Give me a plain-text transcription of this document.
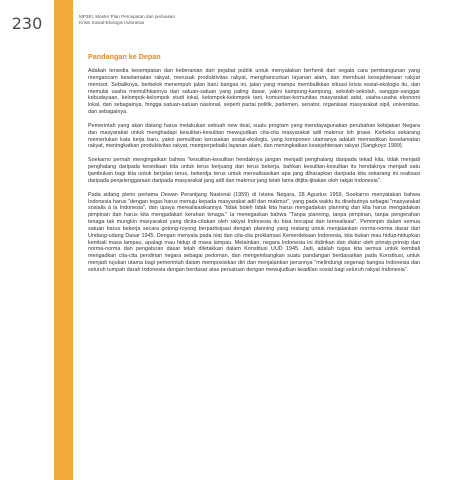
230	MP3EI, Master Plan Percepatan dan perluasan
Krisis Sosial-Ekologis Indonesia
Pandangan ke Depan

Adakah tersedia kesempatan dan keberanian dari pejabat publik untuk menyatakan berhenti dari segala cara pembangunan yang mengancam keselamatan rakyat, merusak produktivitas rakyat, menghancurkan layanan alam, dan membuat kesejahteraan rakyat merosot. Sebaliknya, berbelok menempuh jalan baru bangsa ini, jalan yang mampu membalikkan situasi krisis sosial-ekologis itu, dan memulai usaha memulihkannya dari satuan-satuan yang paling dasar, yakni kampung-kampung, sekolah-sekolah, sanggar-sanggar kebudayaan, kelompok-kelompok studi lokal, kelompok-kelompok tani, komunitas-komunitas masyarakat adat, usaha-usaha ekonomi lokal, dan sebagainya, hingga satuan-satuan nasional, seperti partai politik, parlemen, senator, organisasi masyarakat sipil, universitas, dan sebagainya.

Pemerintah yang akan datang harus melakukan sebuah new deal, suatu program yang mendayagunakan perubahan kebijakan Negara dan masyarakat untuk menghadapi kesulitan-kesulitan mewujudkan cita-cita masyarakat adil makmur loh jinawi. Kerbeka sekarang memerlukan kata kerja baru, yakni pemulihan kerusakan sosial-ekologis, yang komponen utamanya adalah memastikan keselamatan rakyat, meningkatkan produktivitas rakyat, memperpebaiki layanan alam, dan meningkatkan kesejahteraan rakyat (Sangkoyo 1999).

Soekarno pernah mengingatkan bahwa "kesulitan-kesulitan hendaknya jangan menjadi penghalang daripada tekad kita, tidak menjadi penghalang daripada kesediaan kita untuk terus berjuang dan terus bekerja, bahkan kesulitan-kesulitan itu hendaknya menjadi satu tjambukan bagi kita untuk berjalan terus, bekerdja terus untuk merealisasikan apa jang diharapkan daripada kita sekarang ini realisasi daripada penjelenggaraan daripada masyarakat jang adil dan makmur jang telah lama ditjita-tjitakan oleh rakjat Indonesia".

Pada sidang pleno pertama Dewan Perantjang Nasional (1959) di Istana Negara, 28 Agustus 1959, Soekarno menyatakan bahwa Indonesia harus "dengan tegas harus menuju kepada masyarakat adil dan makmur", yang pada waktu itu disebutnya sebagai "masyarakat sosialis à la Indonesia", dan upaya merealisasikannya "tidak boleh tidak kita harus mengadakan planning dan kita harus mengadakan pimpinan dan harus kita mengadakan kerahan tenaga." Ia menegaskan bahwa "Tanpa planning, tanpa pimpinan, tanpa pengerahan tenaga tak mungkin masyarakat yang dicita-citakan oleh rakyat Indonesia itu bisa tercapai dan ternealisasi". Pemimpin dalam semua satuan harus bekerja secara gotong-royong berpartisipasi dengan planning yang matang untuk menjalankan norma-norma dasar dari Undang-udang Dasar 1945. Dengan menyala pada niat dan cita-cita proklamasi Kemerdekaan Indonesia, kita bukan mau hidup-hidupkan kembali masa lampau, apalagi mau hidup di masa lampau. Melainkan, negara Indonesia ini didirikan dan diatur oleh prinsip-prinsip dan norma-norma dan pengaturan dasar telah diletakkan dalam Konstitusi UUD 1945. Jadi, adalah tugas kita semua untuk kembali mengadkan cita-cita pendirian negara sebagai pedoman, dan mengembangkan suatu pandangan berdasarkan pada Konstitusi, untuk menjadi rujukan utama bagi pemerintah dalam memposisikan diri dan menjalankan perannya "melindungi segenap bangsa Indonesia dan seluruh tumpah darah Indonesia dengan berdasar atas persatuan dengan mewujudkan keadilan sosial bagi seluruh rakyat Indonesia".
